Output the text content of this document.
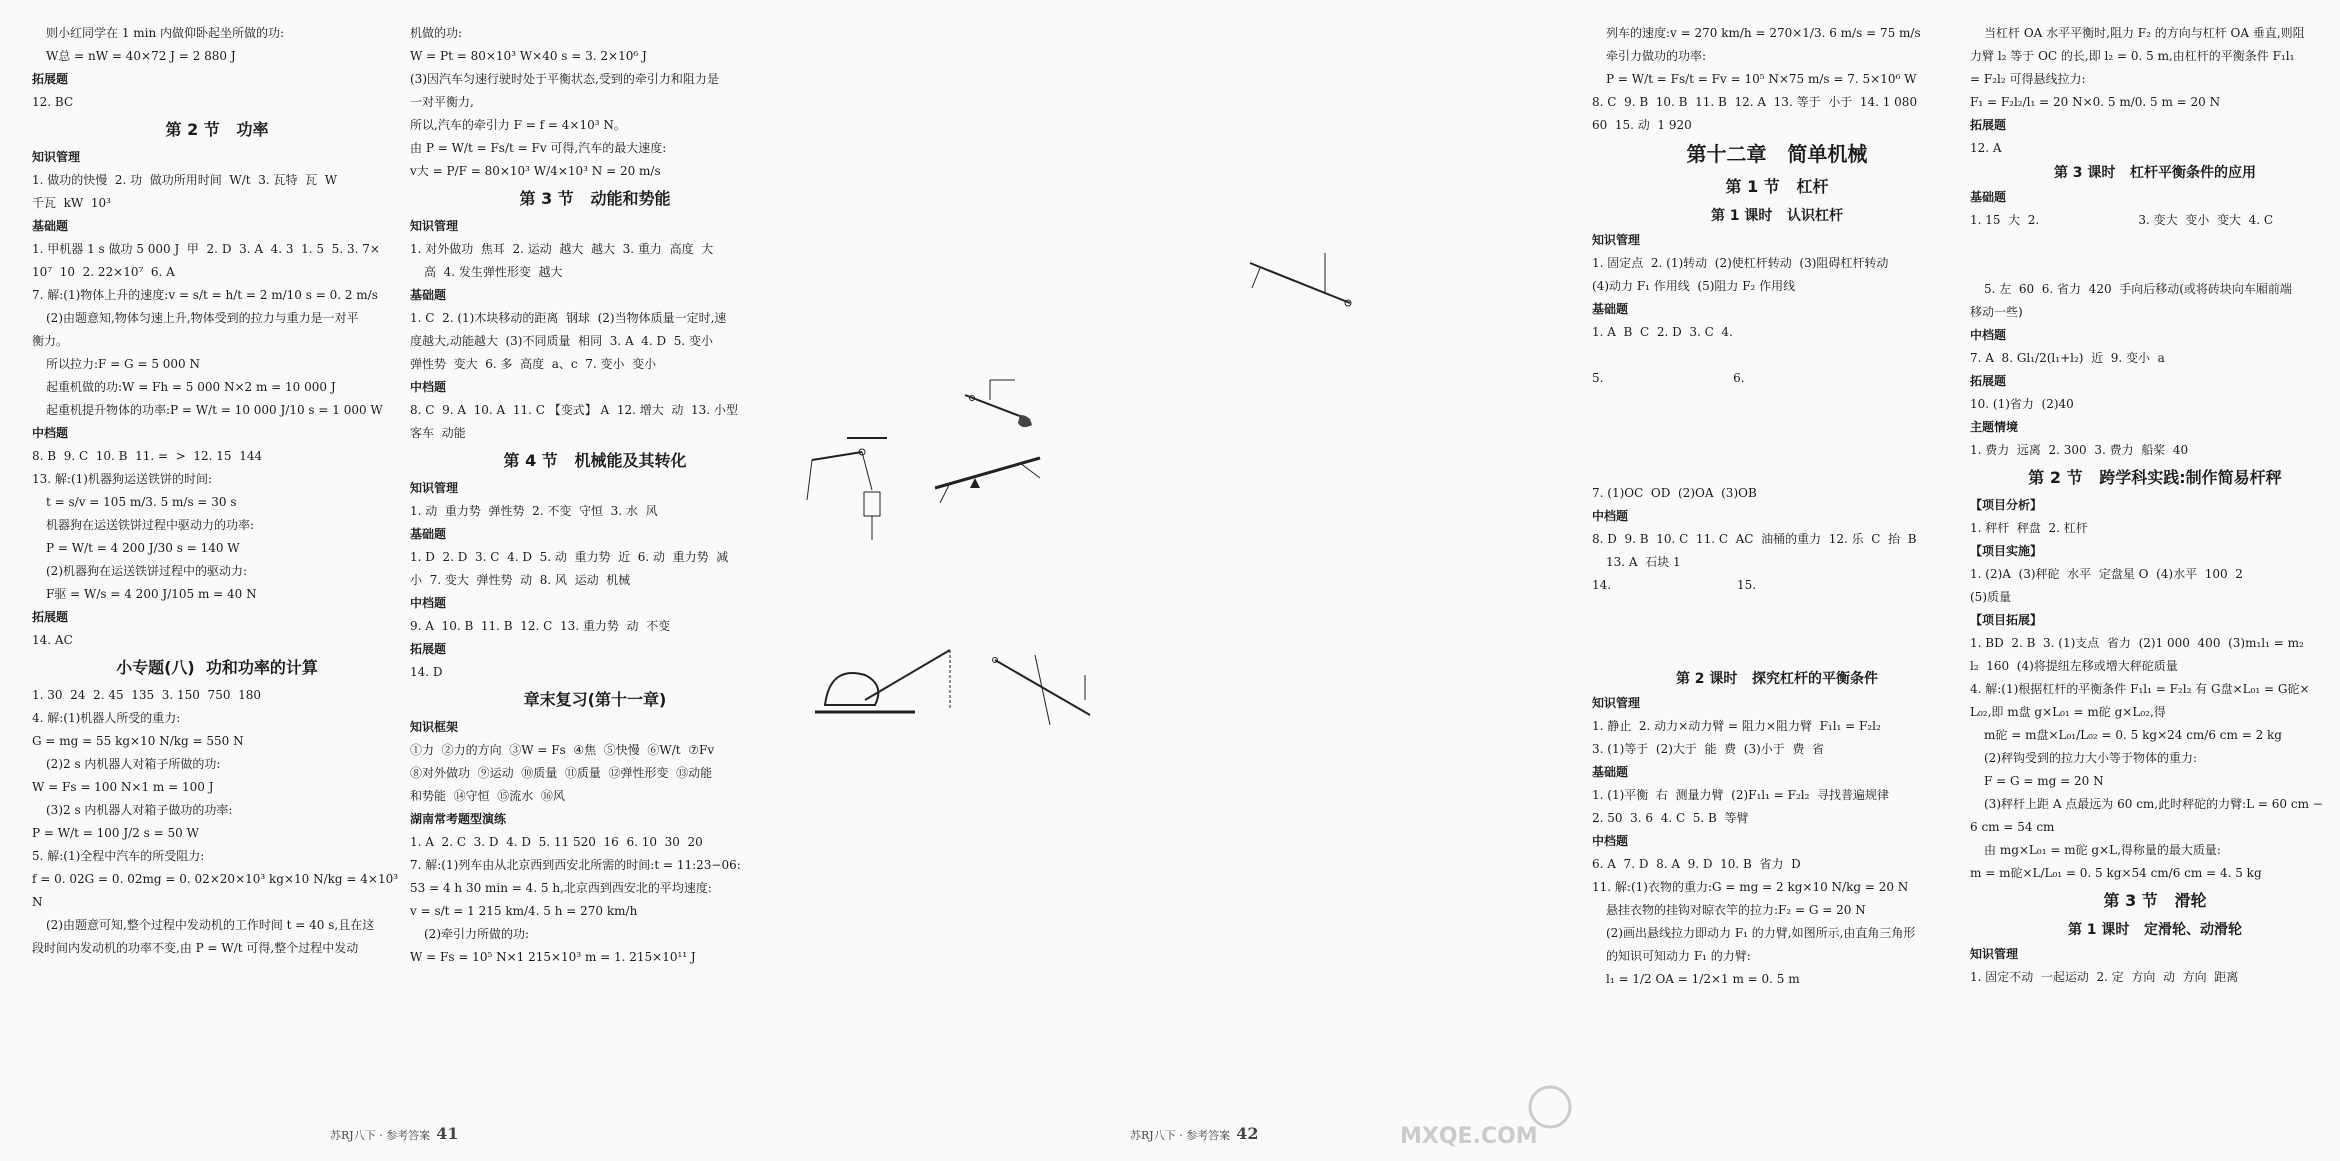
则小红同学在 1 min 内做仰卧起坐所做的功:

W总 = nW = 40×72 J = 2 880 J

拓展题

12. BC

第 2 节   功率

知识管理

1. 做功的快慢  2. 功  做功所用时间  W/t  3. 瓦特  瓦  W

千瓦  kW  10³

基础题

1. 甲机器 1 s 做功 5 000 J  甲  2. D  3. A  4. 3  1. 5  5. 3. 7×

10⁷  10  2. 22×10⁷  6. A

7. 解:(1)物体上升的速度:v = s/t = h/t = 2 m/10 s = 0. 2 m/s

(2)由题意知,物体匀速上升,物体受到的拉力与重力是一对平

衡力。

所以拉力:F = G = 5 000 N

起重机做的功:W = Fh = 5 000 N×2 m = 10 000 J

起重机提升物体的功率:P = W/t = 10 000 J/10 s = 1 000 W

中档题

8. B  9. C  10. B  11. =  >  12. 15  144

13. 解:(1)机器狗运送铁饼的时间:

t = s/v = 105 m/3. 5 m/s = 30 s

机器狗在运送铁饼过程中驱动力的功率:

P = W/t = 4 200 J/30 s = 140 W

(2)机器狗在运送铁饼过程中的驱动力:

F驱 = W/s = 4 200 J/105 m = 40 N

拓展题

14. AC

小专题(八)  功和功率的计算

1. 30  24  2. 45  135  3. 150  750  180

4. 解:(1)机器人所受的重力:

G = mg = 55 kg×10 N/kg = 550 N

(2)2 s 内机器人对箱子所做的功:

W = Fs = 100 N×1 m = 100 J

(3)2 s 内机器人对箱子做功的功率:

P = W/t = 100 J/2 s = 50 W

5. 解:(1)全程中汽车的所受阻力:

f = 0. 02G = 0. 02mg = 0. 02×20×10³ kg×10 N/kg = 4×10³ N

(2)由题意可知,整个过程中发动机的工作时间 t = 40 s,且在这

段时间内发动机的功率不变,由 P = W/t 可得,整个过程中发动

机做的功:

W = Pt = 80×10³ W×40 s = 3. 2×10⁶ J

(3)因汽车匀速行驶时处于平衡状态,受到的牵引力和阻力是

一对平衡力,

所以,汽车的牵引力 F = f = 4×10³ N。

由 P = W/t = Fs/t = Fv 可得,汽车的最大速度:

v大 = P/F = 80×10³ W/4×10³ N = 20 m/s

第 3 节   动能和势能

知识管理

1. 对外做功  焦耳  2. 运动  越大  越大  3. 重力  高度  大

高  4. 发生弹性形变  越大

基础题

1. C  2. (1)木块移动的距离  钢球  (2)当物体质量一定时,速

度越大,动能越大  (3)不同质量  相同  3. A  4. D  5. 变小

弹性势  变大  6. 多  高度  a、c  7. 变小  变小

中档题

8. C  9. A  10. A  11. C 【变式】 A  12. 增大  动  13. 小型

客车  动能

第 4 节   机械能及其转化

知识管理

1. 动  重力势  弹性势  2. 不变  守恒  3. 水  风

基础题

1. D  2. D  3. C  4. D  5. 动  重力势  近  6. 动  重力势  减

小  7. 变大  弹性势  动  8. 风  运动  机械

中档题

9. A  10. B  11. B  12. C  13. 重力势  动  不变

拓展题

14. D

章末复习(第十一章)

知识框架

①力  ②力的方向  ③W = Fs  ④焦  ⑤快慢  ⑥W/t  ⑦Fv

⑧对外做功  ⑨运动  ⑩质量  ⑪质量  ⑫弹性形变  ⑬动能

和势能  ⑭守恒  ⑮流水  ⑯风

湖南常考题型演练

1. A  2. C  3. D  4. D  5. 11 520  16  6. 10  30  20

7. 解:(1)列车由从北京西到西安北所需的时间:t = 11:23−06:

53 = 4 h 30 min = 4. 5 h,北京西到西安北的平均速度:

v = s/t = 1 215 km/4. 5 h = 270 km/h

(2)牵引力所做的功:

W = Fs = 10⁵ N×1 215×10³ m = 1. 215×10¹¹ J

苏RJ八下 · 参考答案 41

列车的速度:v = 270 km/h = 270×1/3. 6 m/s = 75 m/s

牵引力做功的功率:

P = W/t = Fs/t = Fv = 10⁵ N×75 m/s = 7. 5×10⁶ W

8. C  9. B  10. B  11. B  12. A  13. 等于  小于  14. 1 080

60  15. 动  1 920

第十二章   简单机械

第 1 节   杠杆

第 1 课时   认识杠杆

知识管理

1. 固定点  2. (1)转动  (2)使杠杆转动  (3)阻碍杠杆转动

(4)动力 F₁ 作用线  (5)阻力 F₂ 作用线

基础题

1. A  B  C  2. D  3. C  4.

5.                                  6.

7. (1)OC  OD  (2)OA  (3)OB

中档题

8. D  9. B  10. C  11. C  AC  油桶的重力  12. 乐  C  抬  B

13. A  石块 1

14.                                 15.

第 2 课时   探究杠杆的平衡条件

知识管理

1. 静止  2. 动力×动力臂 = 阻力×阻力臂  F₁l₁ = F₂l₂

3. (1)等于  (2)大于  能  费  (3)小于  费  省

基础题

1. (1)平衡  右  测量力臂  (2)F₁l₁ = F₂l₂  寻找普遍规律

2. 50  3. 6  4. C  5. B  等臂

中档题

6. A  7. D  8. A  9. D  10. B  省力  D

11. 解:(1)衣物的重力:G = mg = 2 kg×10 N/kg = 20 N

悬挂衣物的挂钩对晾衣竿的拉力:F₂ = G = 20 N

(2)画出悬线拉力即动力 F₁ 的力臂,如图所示,由直角三角形

的知识可知动力 F₁ 的力臂:

l₁ = 1/2 OA = 1/2×1 m = 0. 5 m

当杠杆 OA 水平平衡时,阻力 F₂ 的方向与杠杆 OA 垂直,则阻

力臂 l₂ 等于 OC 的长,即 l₂ = 0. 5 m,由杠杆的平衡条件 F₁l₁

= F₂l₂ 可得悬线拉力:

F₁ = F₂l₂/l₁ = 20 N×0. 5 m/0. 5 m = 20 N

拓展题

12. A

第 3 课时   杠杆平衡条件的应用

基础题

1. 15  大  2.                          3. 变大  变小  变大  4. C

5. 左  60  6. 省力  420  手向后移动(或将砖块向车厢前端

移动一些)

中档题

7. A  8. Gl₁/2(l₁+l₂)  近  9. 变小  a

拓展题

10. (1)省力  (2)40

主题情境

1. 费力  远离  2. 300  3. 费力  船桨  40

第 2 节   跨学科实践:制作简易杆秤

【项目分析】

1. 秤杆  秤盘  2. 杠杆

【项目实施】

1. (2)A  (3)秤砣  水平  定盘星 O  (4)水平  100  2

(5)质量

【项目拓展】

1. BD  2. B  3. (1)支点  省力  (2)1 000  400  (3)m₁l₁ = m₂

l₂  160  (4)将提纽左移或增大秤砣质量

4. 解:(1)根据杠杆的平衡条件 F₁l₁ = F₂l₂ 有 G盘×L₀₁ = G砣×

L₀₂,即 m盘 g×L₀₁ = m砣 g×L₀₂,得

m砣 = m盘×L₀₁/L₀₂ = 0. 5 kg×24 cm/6 cm = 2 kg

(2)秤钩受到的拉力大小等于物体的重力:

F = G = mg = 20 N

(3)秤杆上距 A 点最远为 60 cm,此时秤砣的力臂:L = 60 cm −

6 cm = 54 cm

由 mg×L₀₁ = m砣 g×L,得称量的最大质量:

m = m砣×L/L₀₁ = 0. 5 kg×54 cm/6 cm = 4. 5 kg

第 3 节   滑轮

第 1 课时   定滑轮、动滑轮

知识管理

1. 固定不动  一起运动  2. 定  方向  动  方向  距离

苏RJ八下 · 参考答案 42	MXQE.COM
